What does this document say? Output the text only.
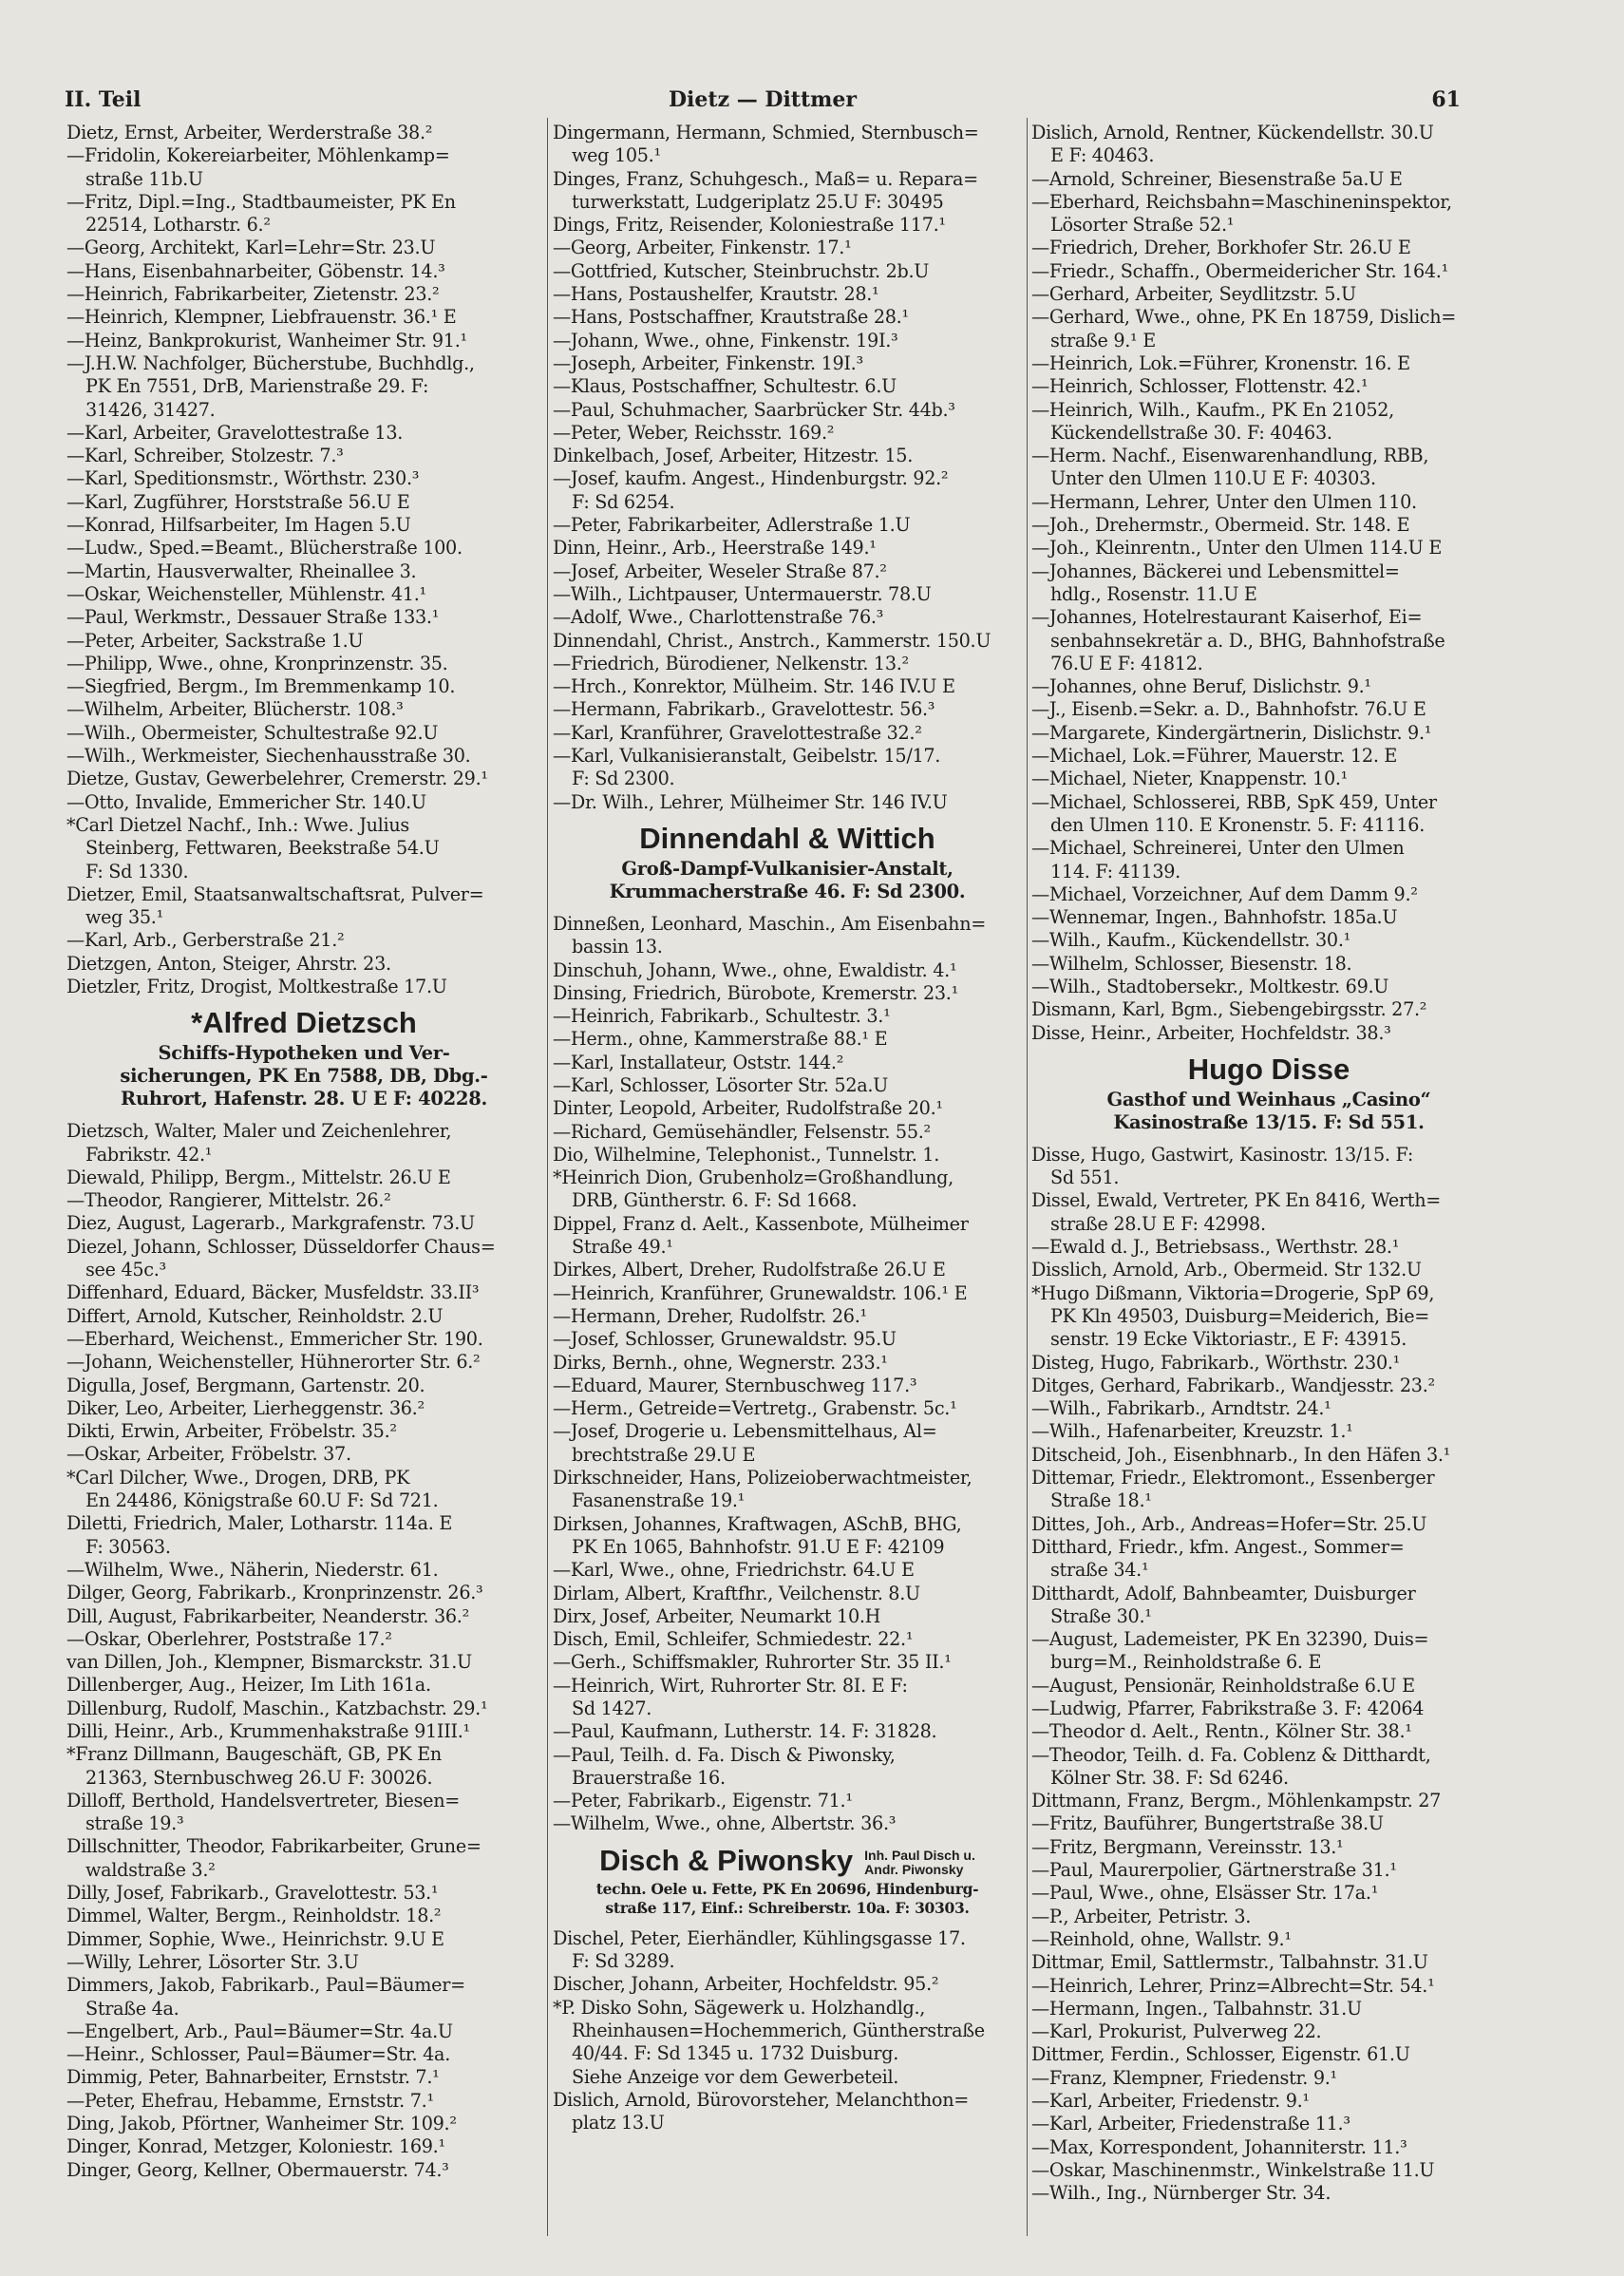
II. Teil	Dietz — Dittmer	61
Dietz, Ernst, Arbeiter, Werderstraße 38.²
—Fridolin, Kokereiarbeiter, Möhlenkamp=
straße 11b.U
—Fritz, Dipl.=Ing., Stadtbaumeister, PK En
22514, Lotharstr. 6.²
—Georg, Architekt, Karl=Lehr=Str. 23.U
—Hans, Eisenbahnarbeiter, Göbenstr. 14.³
—Heinrich, Fabrikarbeiter, Zietenstr. 23.²
—Heinrich, Klempner, Liebfrauenstr. 36.¹ E
—Heinz, Bankprokurist, Wanheimer Str. 91.¹
—J.H.W. Nachfolger, Bücherstube, Buchhdlg.,
PK En 7551, DrB, Marienstraße 29. F:
31426, 31427.
—Karl, Arbeiter, Gravelottestraße 13.
—Karl, Schreiber, Stolzestr. 7.³
—Karl, Speditionsmstr., Wörthstr. 230.³
—Karl, Zugführer, Horststraße 56.U E
—Konrad, Hilfsarbeiter, Im Hagen 5.U
—Ludw., Sped.=Beamt., Blücherstraße 100.
—Martin, Hausverwalter, Rheinallee 3.
—Oskar, Weichensteller, Mühlenstr. 41.¹
—Paul, Werkmstr., Dessauer Straße 133.¹
—Peter, Arbeiter, Sackstraße 1.U
—Philipp, Wwe., ohne, Kronprinzenstr. 35.
—Siegfried, Bergm., Im Bremmenkamp 10.
—Wilhelm, Arbeiter, Blücherstr. 108.³
—Wilh., Obermeister, Schultestraße 92.U
—Wilh., Werkmeister, Siechenhausstraße 30.
Dietze, Gustav, Gewerbelehrer, Cremerstr. 29.¹
—Otto, Invalide, Emmericher Str. 140.U
*Carl Dietzel Nachf., Inh.: Wwe. Julius
Steinberg, Fettwaren, Beekstraße 54.U
F: Sd 1330.
Dietzer, Emil, Staatsanwaltschaftsrat, Pulver=
weg 35.¹
—Karl, Arb., Gerberstraße 21.²
Dietzgen, Anton, Steiger, Ahrstr. 23.
Dietzler, Fritz, Drogist, Moltkestraße 17.U
*Alfred Dietzsch
Schiffs-Hypotheken und Ver-
sicherungen, PK En 7588, DB, Dbg.-
Ruhrort, Hafenstr. 28. U E F: 40228.
Dietzsch, Walter, Maler und Zeichenlehrer,
Fabrikstr. 42.¹
Diewald, Philipp, Bergm., Mittelstr. 26.U E
—Theodor, Rangierer, Mittelstr. 26.²
Diez, August, Lagerarb., Markgrafenstr. 73.U
Diezel, Johann, Schlosser, Düsseldorfer Chaus=
see 45c.³
Diffenhard, Eduard, Bäcker, Musfeldstr. 33.II³
Differt, Arnold, Kutscher, Reinholdstr. 2.U
—Eberhard, Weichenst., Emmericher Str. 190.
—Johann, Weichensteller, Hühnerorter Str. 6.²
Digulla, Josef, Bergmann, Gartenstr. 20.
Diker, Leo, Arbeiter, Lierheggenstr. 36.²
Dikti, Erwin, Arbeiter, Fröbelstr. 35.²
—Oskar, Arbeiter, Fröbelstr. 37.
*Carl Dilcher, Wwe., Drogen, DRB, PK
En 24486, Königstraße 60.U F: Sd 721.
Diletti, Friedrich, Maler, Lotharstr. 114a. E
F: 30563.
—Wilhelm, Wwe., Näherin, Niederstr. 61.
Dilger, Georg, Fabrikarb., Kronprinzenstr. 26.³
Dill, August, Fabrikarbeiter, Neanderstr. 36.²
—Oskar, Oberlehrer, Poststraße 17.²
van Dillen, Joh., Klempner, Bismarckstr. 31.U
Dillenberger, Aug., Heizer, Im Lith 161a.
Dillenburg, Rudolf, Maschin., Katzbachstr. 29.¹
Dilli, Heinr., Arb., Krummenhakstraße 91III.¹
*Franz Dillmann, Baugeschäft, GB, PK En
21363, Sternbuschweg 26.U F: 30026.
Dilloff, Berthold, Handelsvertreter, Biesen=
straße 19.³
Dillschnitter, Theodor, Fabrikarbeiter, Grune=
waldstraße 3.²
Dilly, Josef, Fabrikarb., Gravelottestr. 53.¹
Dimmel, Walter, Bergm., Reinholdstr. 18.²
Dimmer, Sophie, Wwe., Heinrichstr. 9.U E
—Willy, Lehrer, Lösorter Str. 3.U
Dimmers, Jakob, Fabrikarb., Paul=Bäumer=
Straße 4a.
—Engelbert, Arb., Paul=Bäumer=Str. 4a.U
—Heinr., Schlosser, Paul=Bäumer=Str. 4a.
Dimmig, Peter, Bahnarbeiter, Ernststr. 7.¹
—Peter, Ehefrau, Hebamme, Ernststr. 7.¹
Ding, Jakob, Pförtner, Wanheimer Str. 109.²
Dinger, Konrad, Metzger, Koloniestr. 169.¹
Dinger, Georg, Kellner, Obermauerstr. 74.³
Dingermann, Hermann, Schmied, Sternbusch=
weg 105.¹
Dinges, Franz, Schuhgesch., Maß= u. Repara=
turwerkstatt, Ludgeriplatz 25.U F: 30495
Dings, Fritz, Reisender, Koloniestraße 117.¹
—Georg, Arbeiter, Finkenstr. 17.¹
—Gottfried, Kutscher, Steinbruchstr. 2b.U
—Hans, Postaushelfer, Krautstr. 28.¹
—Hans, Postschaffner, Krautstraße 28.¹
—Johann, Wwe., ohne, Finkenstr. 19I.³
—Joseph, Arbeiter, Finkenstr. 19I.³
—Klaus, Postschaffner, Schultestr. 6.U
—Paul, Schuhmacher, Saarbrücker Str. 44b.³
—Peter, Weber, Reichsstr. 169.²
Dinkelbach, Josef, Arbeiter, Hitzestr. 15.
—Josef, kaufm. Angest., Hindenburgstr. 92.²
F: Sd 6254.
—Peter, Fabrikarbeiter, Adlerstraße 1.U
Dinn, Heinr., Arb., Heerstraße 149.¹
—Josef, Arbeiter, Weseler Straße 87.²
—Wilh., Lichtpauser, Untermauerstr. 78.U
—Adolf, Wwe., Charlottenstraße 76.³
Dinnendahl, Christ., Anstrch., Kammerstr. 150.U
—Friedrich, Bürodiener, Nelkenstr. 13.²
—Hrch., Konrektor, Mülheim. Str. 146 IV.U E
—Hermann, Fabrikarb., Gravelottestr. 56.³
—Karl, Kranführer, Gravelottestraße 32.²
—Karl, Vulkanisieranstalt, Geibelstr. 15/17.
F: Sd 2300.
—Dr. Wilh., Lehrer, Mülheimer Str. 146 IV.U
Dinnendahl & Wittich
Groß-Dampf-Vulkanisier-Anstalt,
Krummacherstraße 46. F: Sd 2300.
Dinneßen, Leonhard, Maschin., Am Eisenbahn=
bassin 13.
Dinschuh, Johann, Wwe., ohne, Ewaldistr. 4.¹
Dinsing, Friedrich, Bürobote, Kremerstr. 23.¹
—Heinrich, Fabrikarb., Schultestr. 3.¹
—Herm., ohne, Kammerstraße 88.¹ E
—Karl, Installateur, Oststr. 144.²
—Karl, Schlosser, Lösorter Str. 52a.U
Dinter, Leopold, Arbeiter, Rudolfstraße 20.¹
—Richard, Gemüsehändler, Felsenstr. 55.²
Dio, Wilhelmine, Telephonist., Tunnelstr. 1.
*Heinrich Dion, Grubenholz=Großhandlung,
DRB, Güntherstr. 6. F: Sd 1668.
Dippel, Franz d. Aelt., Kassenbote, Mülheimer
Straße 49.¹
Dirkes, Albert, Dreher, Rudolfstraße 26.U E
—Heinrich, Kranführer, Grunewaldstr. 106.¹ E
—Hermann, Dreher, Rudolfstr. 26.¹
—Josef, Schlosser, Grunewaldstr. 95.U
Dirks, Bernh., ohne, Wegnerstr. 233.¹
—Eduard, Maurer, Sternbuschweg 117.³
—Herm., Getreide=Vertretg., Grabenstr. 5c.¹
—Josef, Drogerie u. Lebensmittelhaus, Al=
brechtstraße 29.U E
Dirkschneider, Hans, Polizeioberwachtmeister,
Fasanenstraße 19.¹
Dirksen, Johannes, Kraftwagen, ASchB, BHG,
PK En 1065, Bahnhofstr. 91.U E F: 42109
—Karl, Wwe., ohne, Friedrichstr. 64.U E
Dirlam, Albert, Kraftfhr., Veilchenstr. 8.U
Dirx, Josef, Arbeiter, Neumarkt 10.H
Disch, Emil, Schleifer, Schmiedestr. 22.¹
—Gerh., Schiffsmakler, Ruhrorter Str. 35 II.¹
—Heinrich, Wirt, Ruhrorter Str. 8I. E F:
Sd 1427.
—Paul, Kaufmann, Lutherstr. 14. F: 31828.
—Paul, Teilh. d. Fa. Disch & Piwonsky,
Brauerstraße 16.
—Peter, Fabrikarb., Eigenstr. 71.¹
—Wilhelm, Wwe., ohne, Albertstr. 36.³
Disch & Piwonsky Inh. Paul Disch u.
Andr. Piwonsky
techn. Oele u. Fette, PK En 20696, Hindenburg-
straße 117, Einf.: Schreiberstr. 10a. F: 30303.
Dischel, Peter, Eierhändler, Kühlingsgasse 17.
F: Sd 3289.
Discher, Johann, Arbeiter, Hochfeldstr. 95.²
*P. Disko Sohn, Sägewerk u. Holzhandlg.,
Rheinhausen=Hochemmerich, Güntherstraße
40/44. F: Sd 1345 u. 1732 Duisburg.
Siehe Anzeige vor dem Gewerbeteil.
Dislich, Arnold, Bürovorsteher, Melanchthon=
platz 13.U
Dislich, Arnold, Rentner, Kückendellstr. 30.U
E F: 40463.
—Arnold, Schreiner, Biesenstraße 5a.U E
—Eberhard, Reichsbahn=Maschineninspektor,
Lösorter Straße 52.¹
—Friedrich, Dreher, Borkhofer Str. 26.U E
—Friedr., Schaffn., Obermeidericher Str. 164.¹
—Gerhard, Arbeiter, Seydlitzstr. 5.U
—Gerhard, Wwe., ohne, PK En 18759, Dislich=
straße 9.¹ E
—Heinrich, Lok.=Führer, Kronenstr. 16. E
—Heinrich, Schlosser, Flottenstr. 42.¹
—Heinrich, Wilh., Kaufm., PK En 21052,
Kückendellstraße 30. F: 40463.
—Herm. Nachf., Eisenwarenhandlung, RBB,
Unter den Ulmen 110.U E F: 40303.
—Hermann, Lehrer, Unter den Ulmen 110.
—Joh., Drehermstr., Obermeid. Str. 148. E
—Joh., Kleinrentn., Unter den Ulmen 114.U E
—Johannes, Bäckerei und Lebensmittel=
hdlg., Rosenstr. 11.U E
—Johannes, Hotelrestaurant Kaiserhof, Ei=
senbahnsekretär a. D., BHG, Bahnhofstraße
76.U E F: 41812.
—Johannes, ohne Beruf, Dislichstr. 9.¹
—J., Eisenb.=Sekr. a. D., Bahnhofstr. 76.U E
—Margarete, Kindergärtnerin, Dislichstr. 9.¹
—Michael, Lok.=Führer, Mauerstr. 12. E
—Michael, Nieter, Knappenstr. 10.¹
—Michael, Schlosserei, RBB, SpK 459, Unter
den Ulmen 110. E Kronenstr. 5. F: 41116.
—Michael, Schreinerei, Unter den Ulmen
114. F: 41139.
—Michael, Vorzeichner, Auf dem Damm 9.²
—Wennemar, Ingen., Bahnhofstr. 185a.U
—Wilh., Kaufm., Kückendellstr. 30.¹
—Wilhelm, Schlosser, Biesenstr. 18.
—Wilh., Stadtobersekr., Moltkestr. 69.U
Dismann, Karl, Bgm., Siebengebirgsstr. 27.²
Disse, Heinr., Arbeiter, Hochfeldstr. 38.³
Hugo Disse
Gasthof und Weinhaus „Casino“
Kasinostraße 13/15. F: Sd 551.
Disse, Hugo, Gastwirt, Kasinostr. 13/15. F:
Sd 551.
Dissel, Ewald, Vertreter, PK En 8416, Werth=
straße 28.U E F: 42998.
—Ewald d. J., Betriebsass., Werthstr. 28.¹
Disslich, Arnold, Arb., Obermeid. Str 132.U
*Hugo Dißmann, Viktoria=Drogerie, SpP 69,
PK Kln 49503, Duisburg=Meiderich, Bie=
senstr. 19 Ecke Viktoriastr., E F: 43915.
Disteg, Hugo, Fabrikarb., Wörthstr. 230.¹
Ditges, Gerhard, Fabrikarb., Wandjesstr. 23.²
—Wilh., Fabrikarb., Arndtstr. 24.¹
—Wilh., Hafenarbeiter, Kreuzstr. 1.¹
Ditscheid, Joh., Eisenbhnarb., In den Häfen 3.¹
Dittemar, Friedr., Elektromont., Essenberger
Straße 18.¹
Dittes, Joh., Arb., Andreas=Hofer=Str. 25.U
Ditthard, Friedr., kfm. Angest., Sommer=
straße 34.¹
Ditthardt, Adolf, Bahnbeamter, Duisburger
Straße 30.¹
—August, Lademeister, PK En 32390, Duis=
burg=M., Reinholdstraße 6. E
—August, Pensionär, Reinholdstraße 6.U E
—Ludwig, Pfarrer, Fabrikstraße 3. F: 42064
—Theodor d. Aelt., Rentn., Kölner Str. 38.¹
—Theodor, Teilh. d. Fa. Coblenz & Ditthardt,
Kölner Str. 38. F: Sd 6246.
Dittmann, Franz, Bergm., Möhlenkampstr. 27
—Fritz, Bauführer, Bungertstraße 38.U
—Fritz, Bergmann, Vereinsstr. 13.¹
—Paul, Maurerpolier, Gärtnerstraße 31.¹
—Paul, Wwe., ohne, Elsässer Str. 17a.¹
—P., Arbeiter, Petristr. 3.
—Reinhold, ohne, Wallstr. 9.¹
Dittmar, Emil, Sattlermstr., Talbahnstr. 31.U
—Heinrich, Lehrer, Prinz=Albrecht=Str. 54.¹
—Hermann, Ingen., Talbahnstr. 31.U
—Karl, Prokurist, Pulverweg 22.
Dittmer, Ferdin., Schlosser, Eigenstr. 61.U
—Franz, Klempner, Friedenstr. 9.¹
—Karl, Arbeiter, Friedenstr. 9.¹
—Karl, Arbeiter, Friedenstraße 11.³
—Max, Korrespondent, Johanniterstr. 11.³
—Oskar, Maschinenmstr., Winkelstraße 11.U
—Wilh., Ing., Nürnberger Str. 34.
